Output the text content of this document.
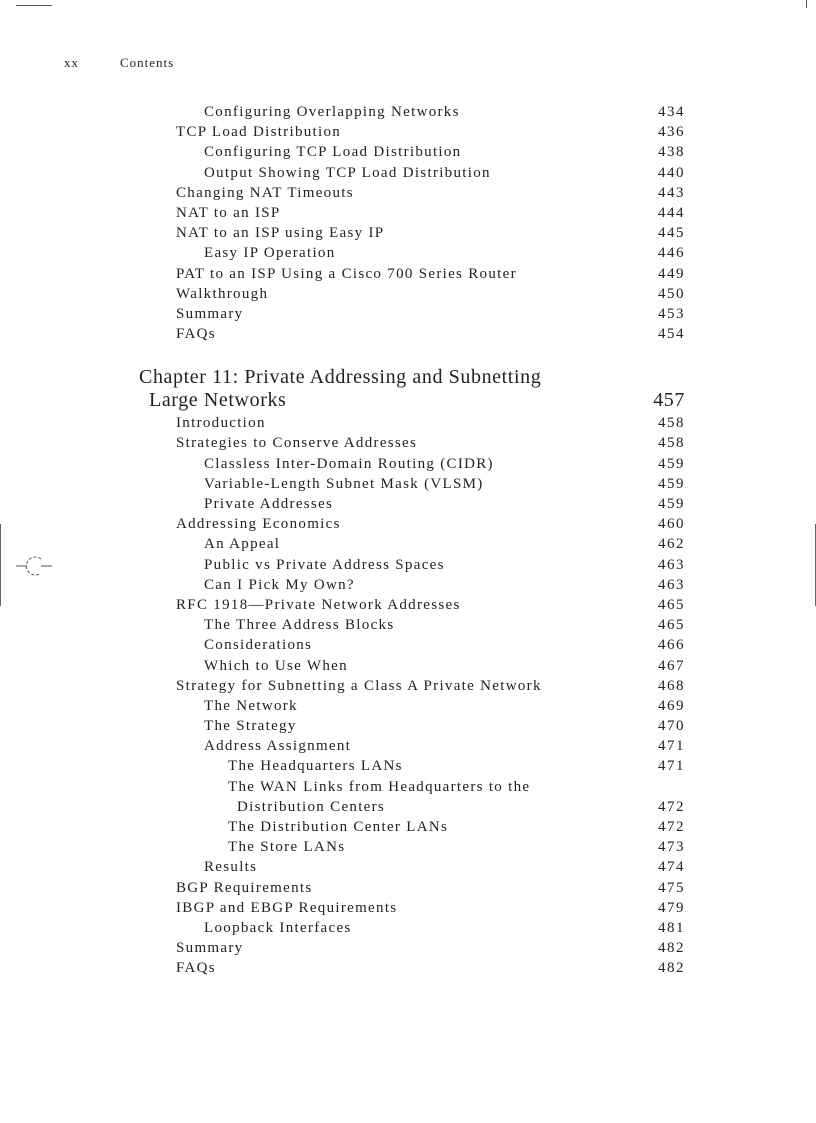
xx	Contents
Configuring Overlapping Networks	434
TCP Load Distribution	436
Configuring TCP Load Distribution	438
Output Showing TCP Load Distribution	440
Changing NAT Timeouts	443
NAT to an ISP	444
NAT to an ISP using Easy IP	445
Easy IP Operation	446
PAT to an ISP Using a Cisco 700 Series Router	449
Walkthrough	450
Summary	453
FAQs	454
Chapter 11: Private Addressing and Subnetting
Large Networks	457
Introduction	458
Strategies to Conserve Addresses	458
Classless Inter-Domain Routing (CIDR)	459
Variable-Length Subnet Mask (VLSM)	459
Private Addresses	459
Addressing Economics	460
An Appeal	462
Public vs Private Address Spaces	463
Can I Pick My Own?	463
RFC 1918—Private Network Addresses	465
The Three Address Blocks	465
Considerations	466
Which to Use When	467
Strategy for Subnetting a Class A Private Network	468
The Network	469
The Strategy	470
Address Assignment	471
The Headquarters LANs	471
The WAN Links from Headquarters to the
Distribution Centers	472
The Distribution Center LANs	472
The Store LANs	473
Results	474
BGP Requirements	475
IBGP and EBGP Requirements	479
Loopback Interfaces	481
Summary	482
FAQs	482
